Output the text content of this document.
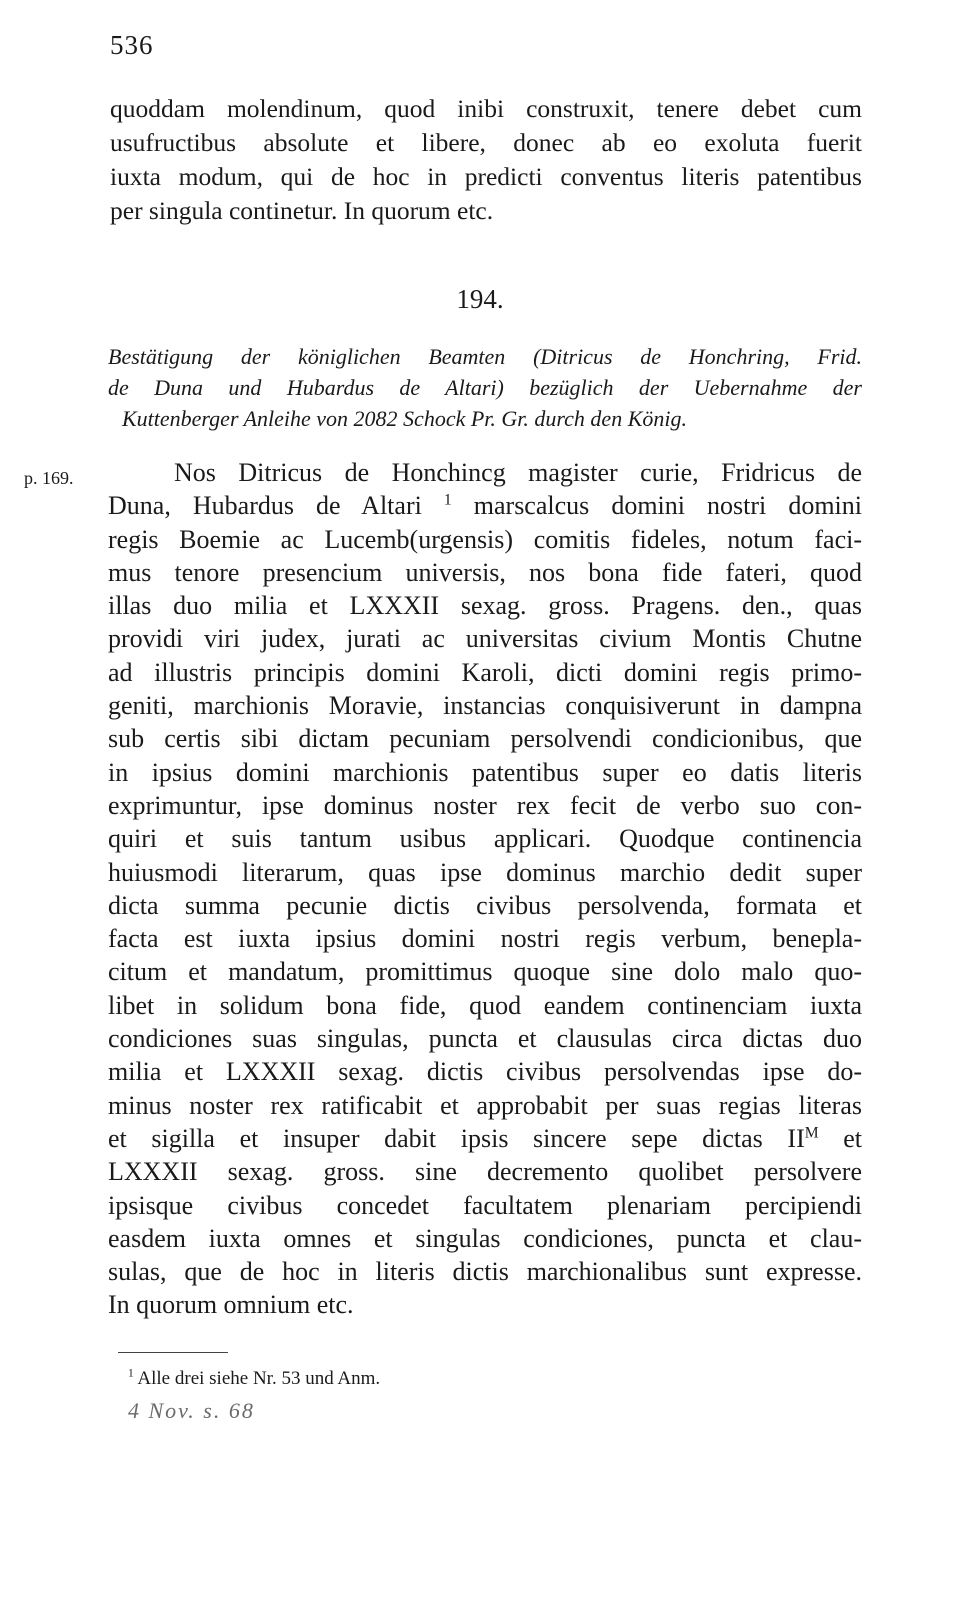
536
quoddam molendinum, quod inibi construxit, tenere debet cum
usufructibus absolute et libere, donec ab eo exoluta fuerit
iuxta modum, qui de hoc in predicti conventus literis patentibus
per singula continetur. In quorum etc.
194.
Bestätigung der königlichen Beamten (Ditricus de Honchring, Frid.
de Duna und Hubardus de Altari) bezüglich der Uebernahme der
Kuttenberger Anleihe von 2082 Schock Pr. Gr. durch den König.
p. 169.	Nos Ditricus de Honchincg magister curie, Fridricus de
Duna, Hubardus de Altari $^1$ marscalcus domini nostri domini
regis Boemie ac Lucemb(urgensis) comitis fideles, notum faci-
mus tenore presencium universis, nos bona fide fateri, quod
illas duo milia et LXXXII sexag. gross. Pragens. den., quas
providi viri judex, jurati ac universitas civium Montis Chutne
ad illustris principis domini Karoli, dicti domini regis primo-
geniti, marchionis Moravie, instancias conquisiverunt in dampna
sub certis sibi dictam pecuniam persolvendi condicionibus, que
in ipsius domini marchionis patentibus super eo datis literis
exprimuntur, ipse dominus noster rex fecit de verbo suo con-
quiri et suis tantum usibus applicari. Quodque continencia
huiusmodi literarum, quas ipse dominus marchio dedit super
dicta summa pecunie dictis civibus persolvenda, formata et
facta est iuxta ipsius domini nostri regis verbum, benepla-
citum et mandatum, promittimus quoque sine dolo malo quo-
libet in solidum bona fide, quod eandem continenciam iuxta
condiciones suas singulas, puncta et clausulas circa dictas duo
milia et LXXXII sexag. dictis civibus persolvendas ipse do-
minus noster rex ratificabit et approbabit per suas regias literas
et sigilla et insuper dabit ipsis sincere sepe dictas $II^M$ et
LXXXII sexag. gross. sine decremento quolibet persolvere
ipsisque civibus concedet facultatem plenariam percipiendi
easdem iuxta omnes et singulas condiciones, puncta et clau-
sulas, que de hoc in literis dictis marchionalibus sunt expresse.
In quorum omnium etc.
$^1$ Alle drei siehe Nr. 53 und Anm.
4 Nov. s. 68
